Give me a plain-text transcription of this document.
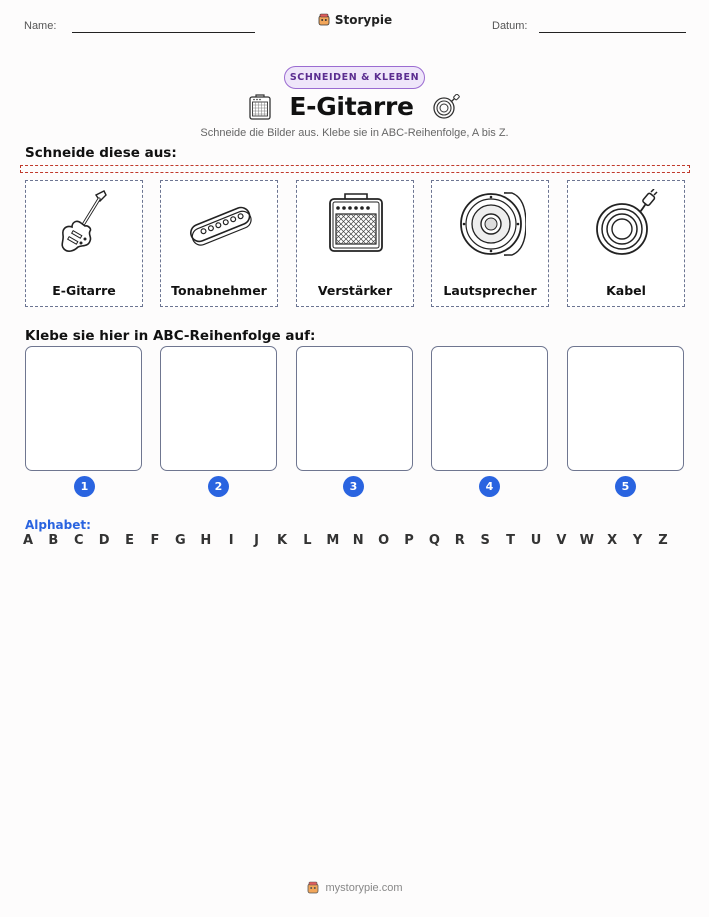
Name:	Storypie	Datum:
SCHNEIDEN & KLEBEN
E-Gitarre
Schneide die Bilder aus. Klebe sie in ABC-Reihenfolge, A bis Z.
Schneide diese aus:
E-Gitarre	Tonabnehmer	Verstärker	Lautsprecher	Kabel
Klebe sie hier in ABC-Reihenfolge auf:
1	2	3	4	5
Alphabet:
A	B	C	D	E	F	G	H	I	J	K	L	M	N	O	P	Q	R	S	T	U	V	W	X	Y	Z
mystorypie.com
